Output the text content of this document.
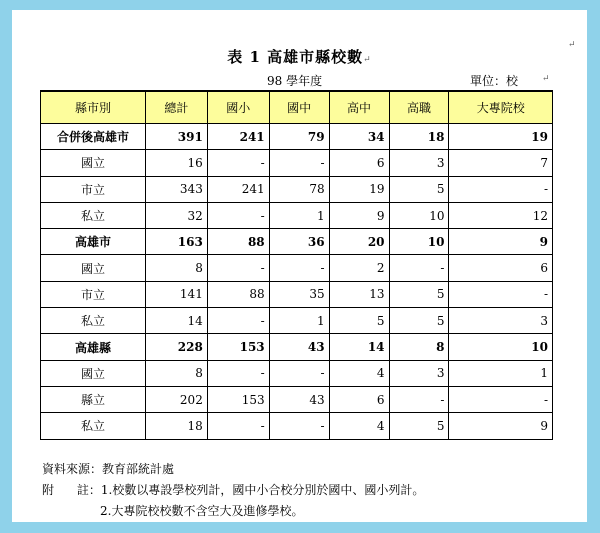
表 1 高雄市縣校數↵
↵
98 學年度	單位：校	↵
縣市別	總計	國小	國中	高中	高職	大專院校
合併後高雄市	391	241	79	34	18	19
國立	16	-	-	6	3	7
市立	343	241	78	19	5	-
私立	32	-	1	9	10	12
高雄市	163	88	36	20	10	9
國立	8	-	-	2	-	6
市立	141	88	35	13	5	-
私立	14	-	1	5	5	3
高雄縣	228	153	43	14	8	10
國立	8	-	-	4	3	1
縣立	202	153	43	6	-	-
私立	18	-	-	4	5	9
資料來源：教育部統計處
附      註：1.校數以專設學校列計，國中小合校分別於國中、國小列計。
2.大專院校校數不含空大及進修學校。
